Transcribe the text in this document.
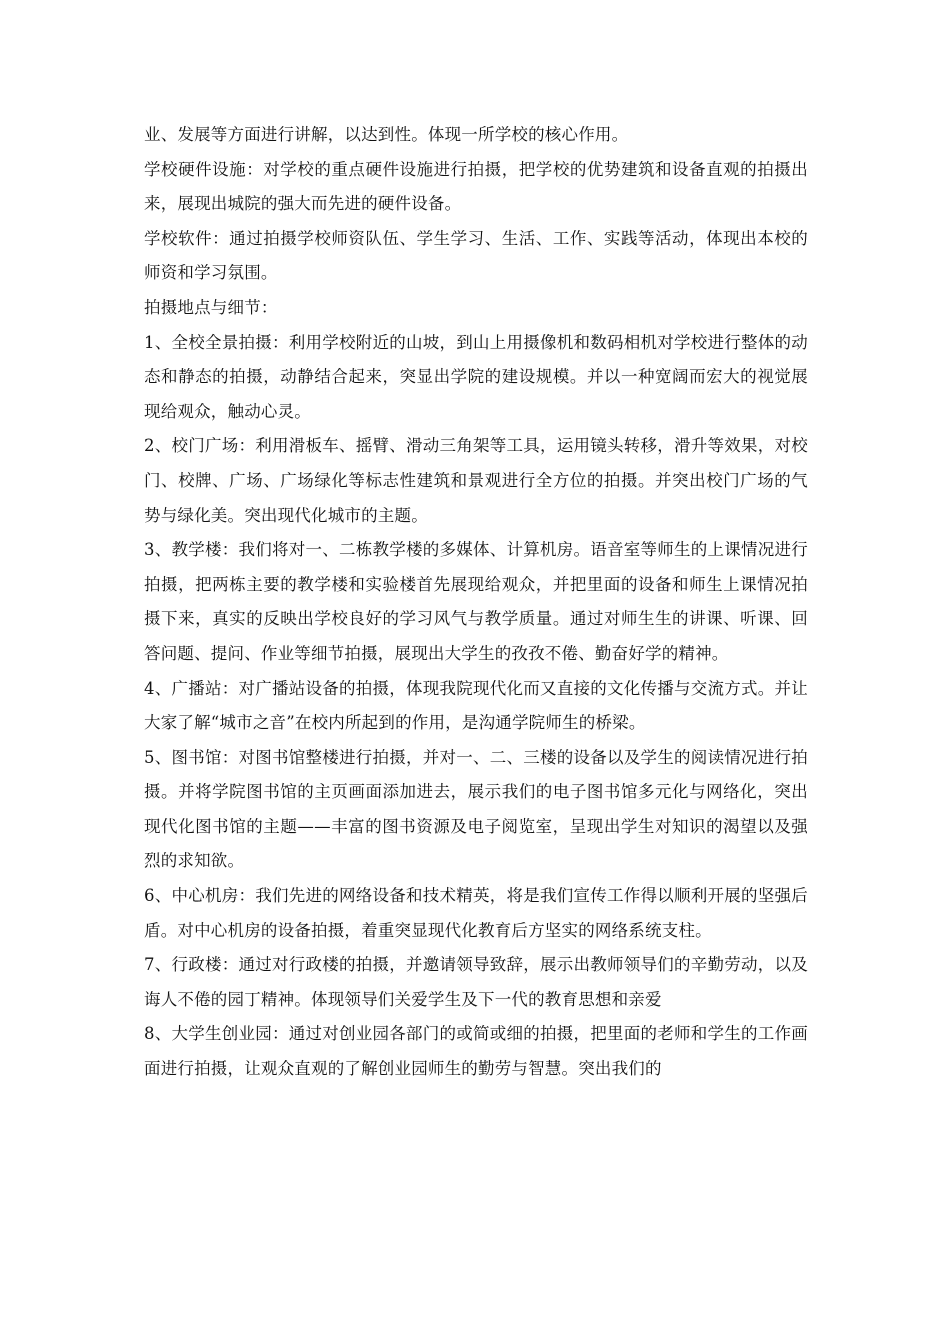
业、发展等方面进行讲解，以达到性。体现一所学校的核心作用。

学校硬件设施：对学校的重点硬件设施进行拍摄，把学校的优势建筑和设备直观的拍摄出来，展现出城院的强大而先进的硬件设备。

学校软件：通过拍摄学校师资队伍、学生学习、生活、工作、实践等活动，体现出本校的师资和学习氛围。

拍摄地点与细节：

1、全校全景拍摄：利用学校附近的山坡，到山上用摄像机和数码相机对学校进行整体的动态和静态的拍摄，动静结合起来，突显出学院的建设规模。并以一种宽阔而宏大的视觉展现给观众，触动心灵。

2、校门广场：利用滑板车、摇臂、滑动三角架等工具，运用镜头转移，滑升等效果，对校门、校牌、广场、广场绿化等标志性建筑和景观进行全方位的拍摄。并突出校门广场的气势与绿化美。突出现代化城市的主题。

3、教学楼：我们将对一、二栋教学楼的多媒体、计算机房。语音室等师生的上课情况进行拍摄，把两栋主要的教学楼和实验楼首先展现给观众，并把里面的设备和师生上课情况拍摄下来，真实的反映出学校良好的学习风气与教学质量。通过对师生生的讲课、听课、回答问题、提问、作业等细节拍摄，展现出大学生的孜孜不倦、勤奋好学的精神。

4、广播站：对广播站设备的拍摄，体现我院现代化而又直接的文化传播与交流方式。并让大家了解“城市之音”在校内所起到的作用，是沟通学院师生的桥梁。

5、图书馆：对图书馆整楼进行拍摄，并对一、二、三楼的设备以及学生的阅读情况进行拍摄。并将学院图书馆的主页画面添加进去，展示我们的电子图书馆多元化与网络化，突出现代化图书馆的主题——丰富的图书资源及电子阅览室，呈现出学生对知识的渴望以及强烈的求知欲。

6、中心机房：我们先进的网络设备和技术精英，将是我们宣传工作得以顺利开展的坚强后盾。对中心机房的设备拍摄，着重突显现代化教育后方坚实的网络系统支柱。

7、行政楼：通过对行政楼的拍摄，并邀请领导致辞，展示出教师领导们的辛勤劳动，以及诲人不倦的园丁精神。体现领导们关爱学生及下一代的教育思想和亲爱

8、大学生创业园：通过对创业园各部门的或简或细的拍摄，把里面的老师和学生的工作画面进行拍摄，让观众直观的了解创业园师生的勤劳与智慧。突出我们的
